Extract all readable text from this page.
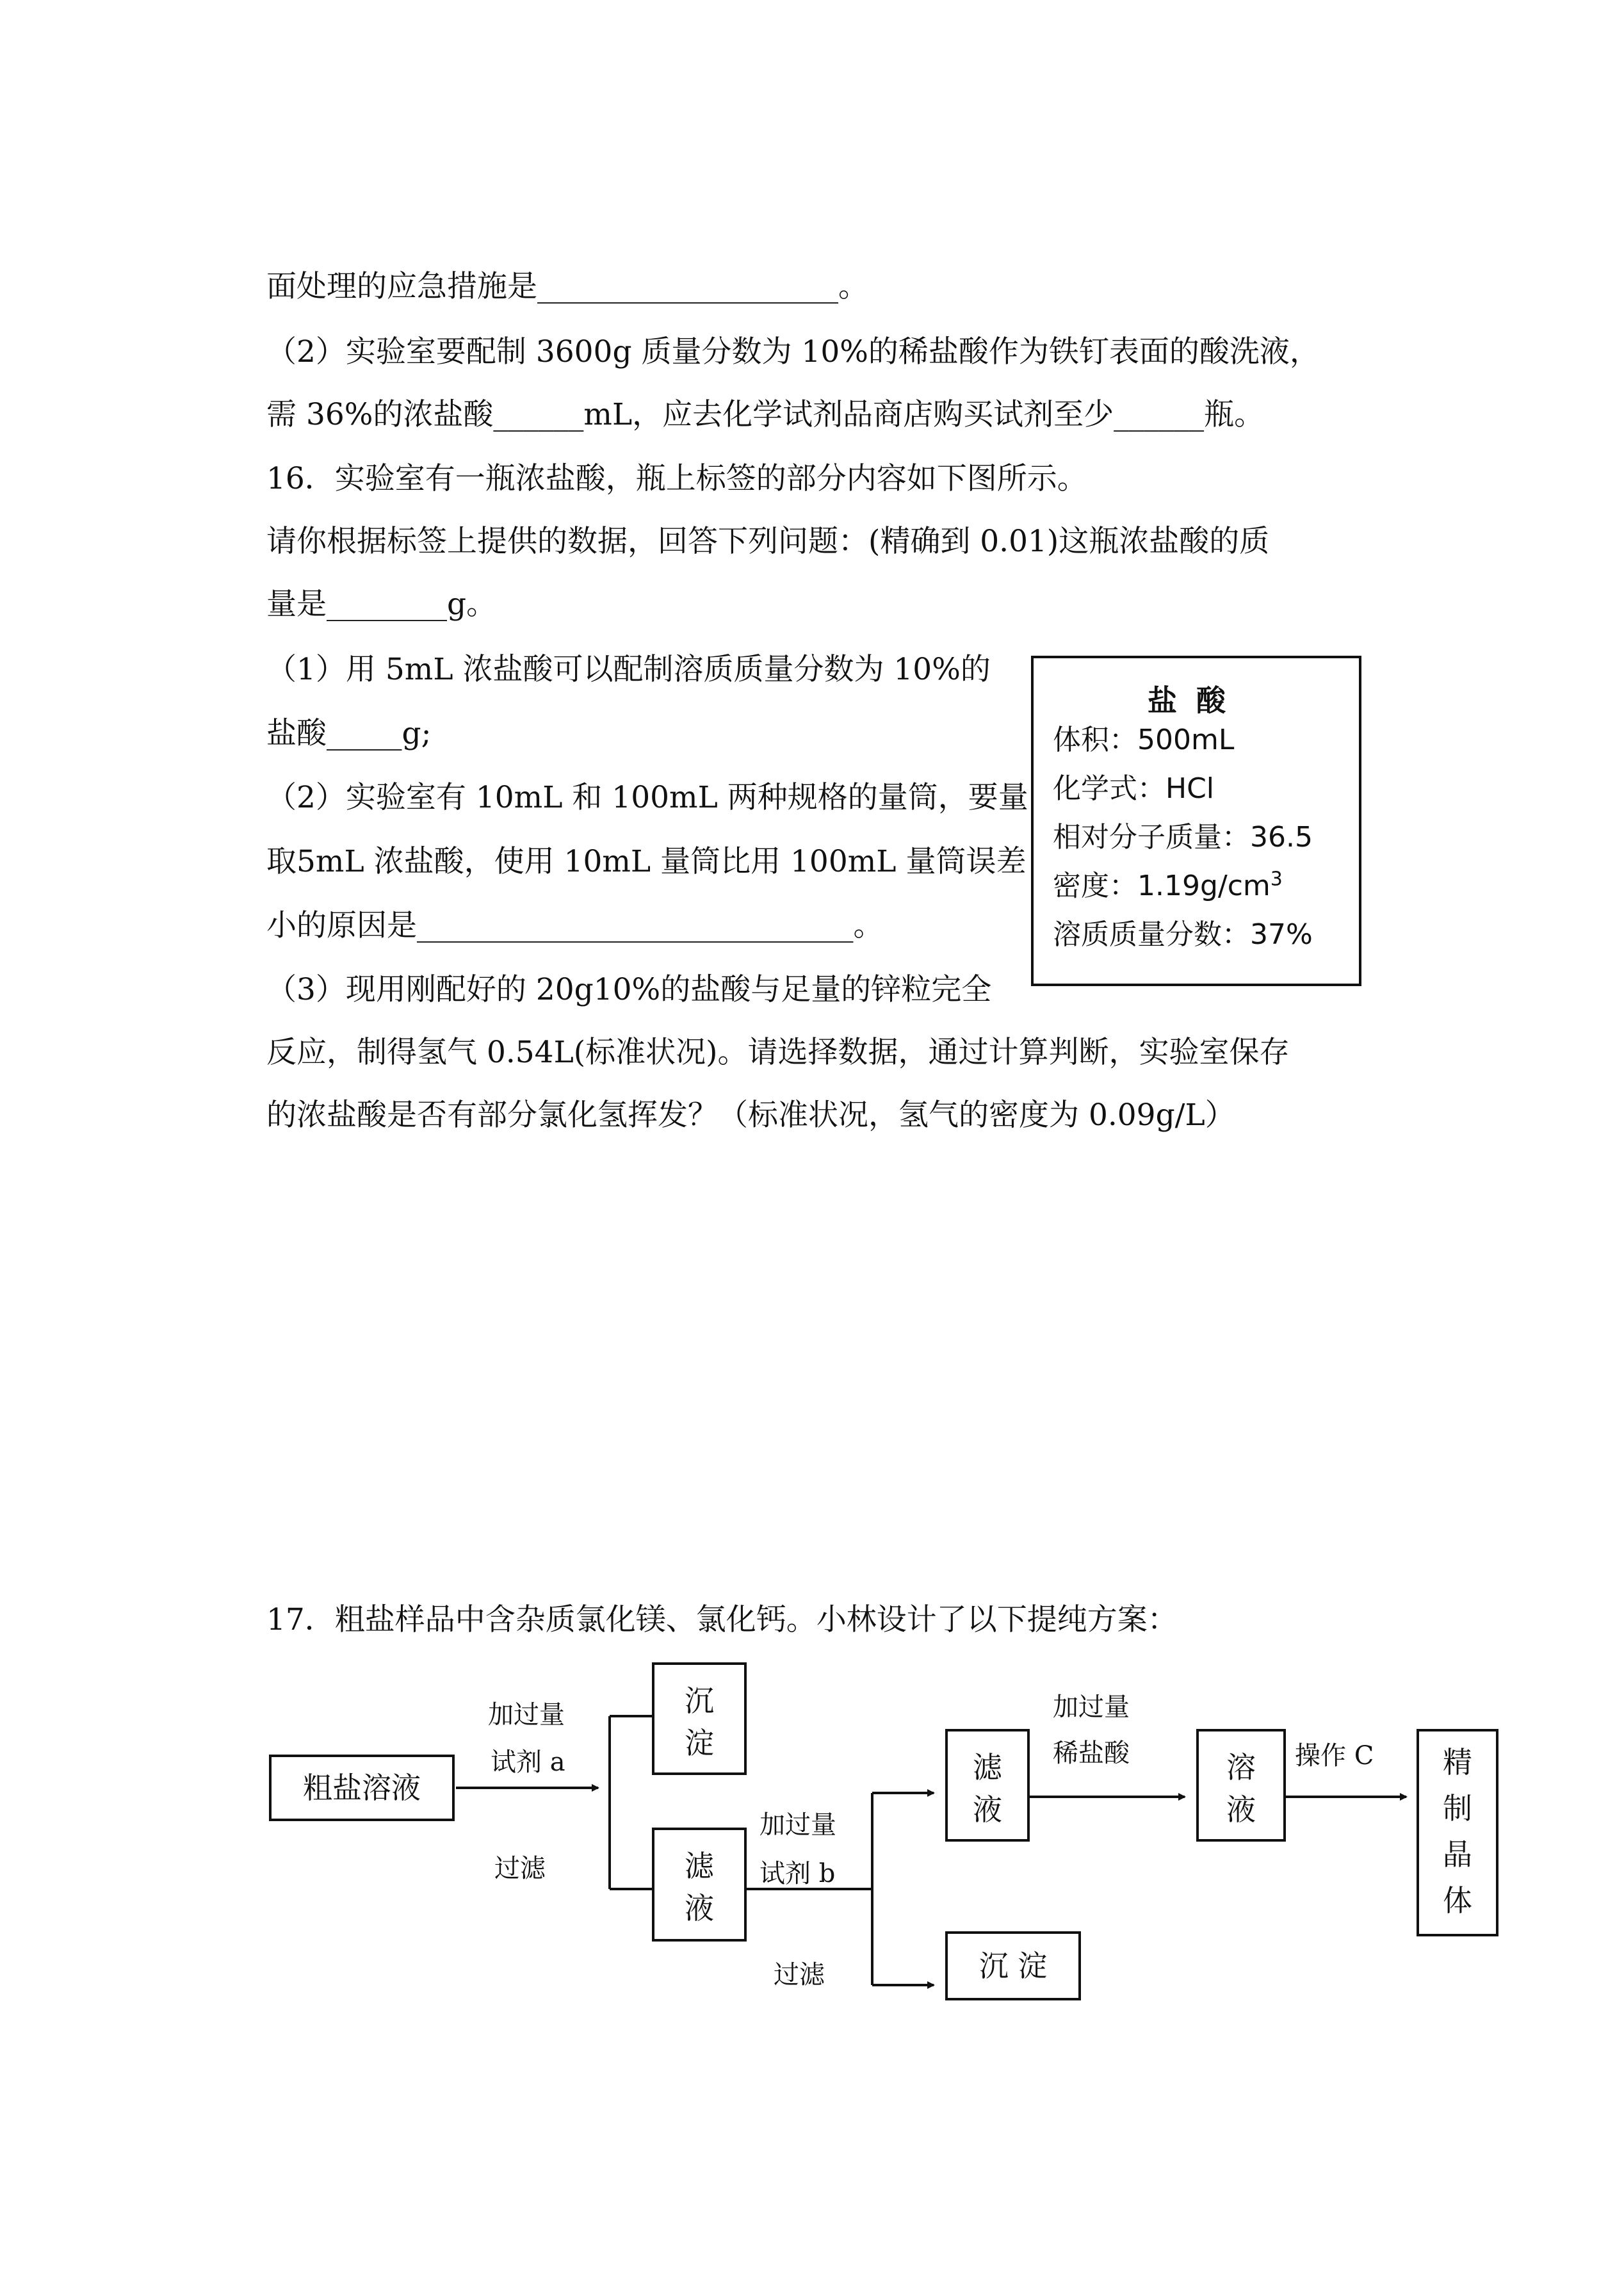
面处理的应急措施是____________________。
（2）实验室要配制 3600g 质量分数为 10%的稀盐酸作为铁钉表面的酸洗液，
需 36%的浓盐酸______mL，应去化学试剂品商店购买试剂至少______瓶。
16．实验室有一瓶浓盐酸，瓶上标签的部分内容如下图所示。
请你根据标签上提供的数据，回答下列问题：(精确到 0.01)这瓶浓盐酸的质
量是________g。
（1）用 5mL 浓盐酸可以配制溶质质量分数为 10%的
盐酸_____g;
（2）实验室有 10mL 和 100mL 两种规格的量筒，要量
取5mL 浓盐酸，使用 10mL 量筒比用 100mL 量筒误差
小的原因是_____________________________。
（3）现用刚配好的 20g10%的盐酸与足量的锌粒完全
反应，制得氢气 0.54L(标准状况)。请选择数据，通过计算判断，实验室保存
的浓盐酸是否有部分氯化氢挥发？（标准状况，氢气的密度为 0.09g/L）
17．粗盐样品中含杂质氯化镁、氯化钙。小林设计了以下提纯方案：
盐酸
体积：500mL
化学式：HCl
相对分子质量：36.5
密度：$1.19g/cm^3$
溶质质量分数：37%
粗盐溶液
沉
淀
滤
液
滤
液
沉 淀
溶
液
精
制
晶
体
加过量
试剂 a
过滤
加过量
试剂 b
过滤
加过量
稀盐酸	操作 C
